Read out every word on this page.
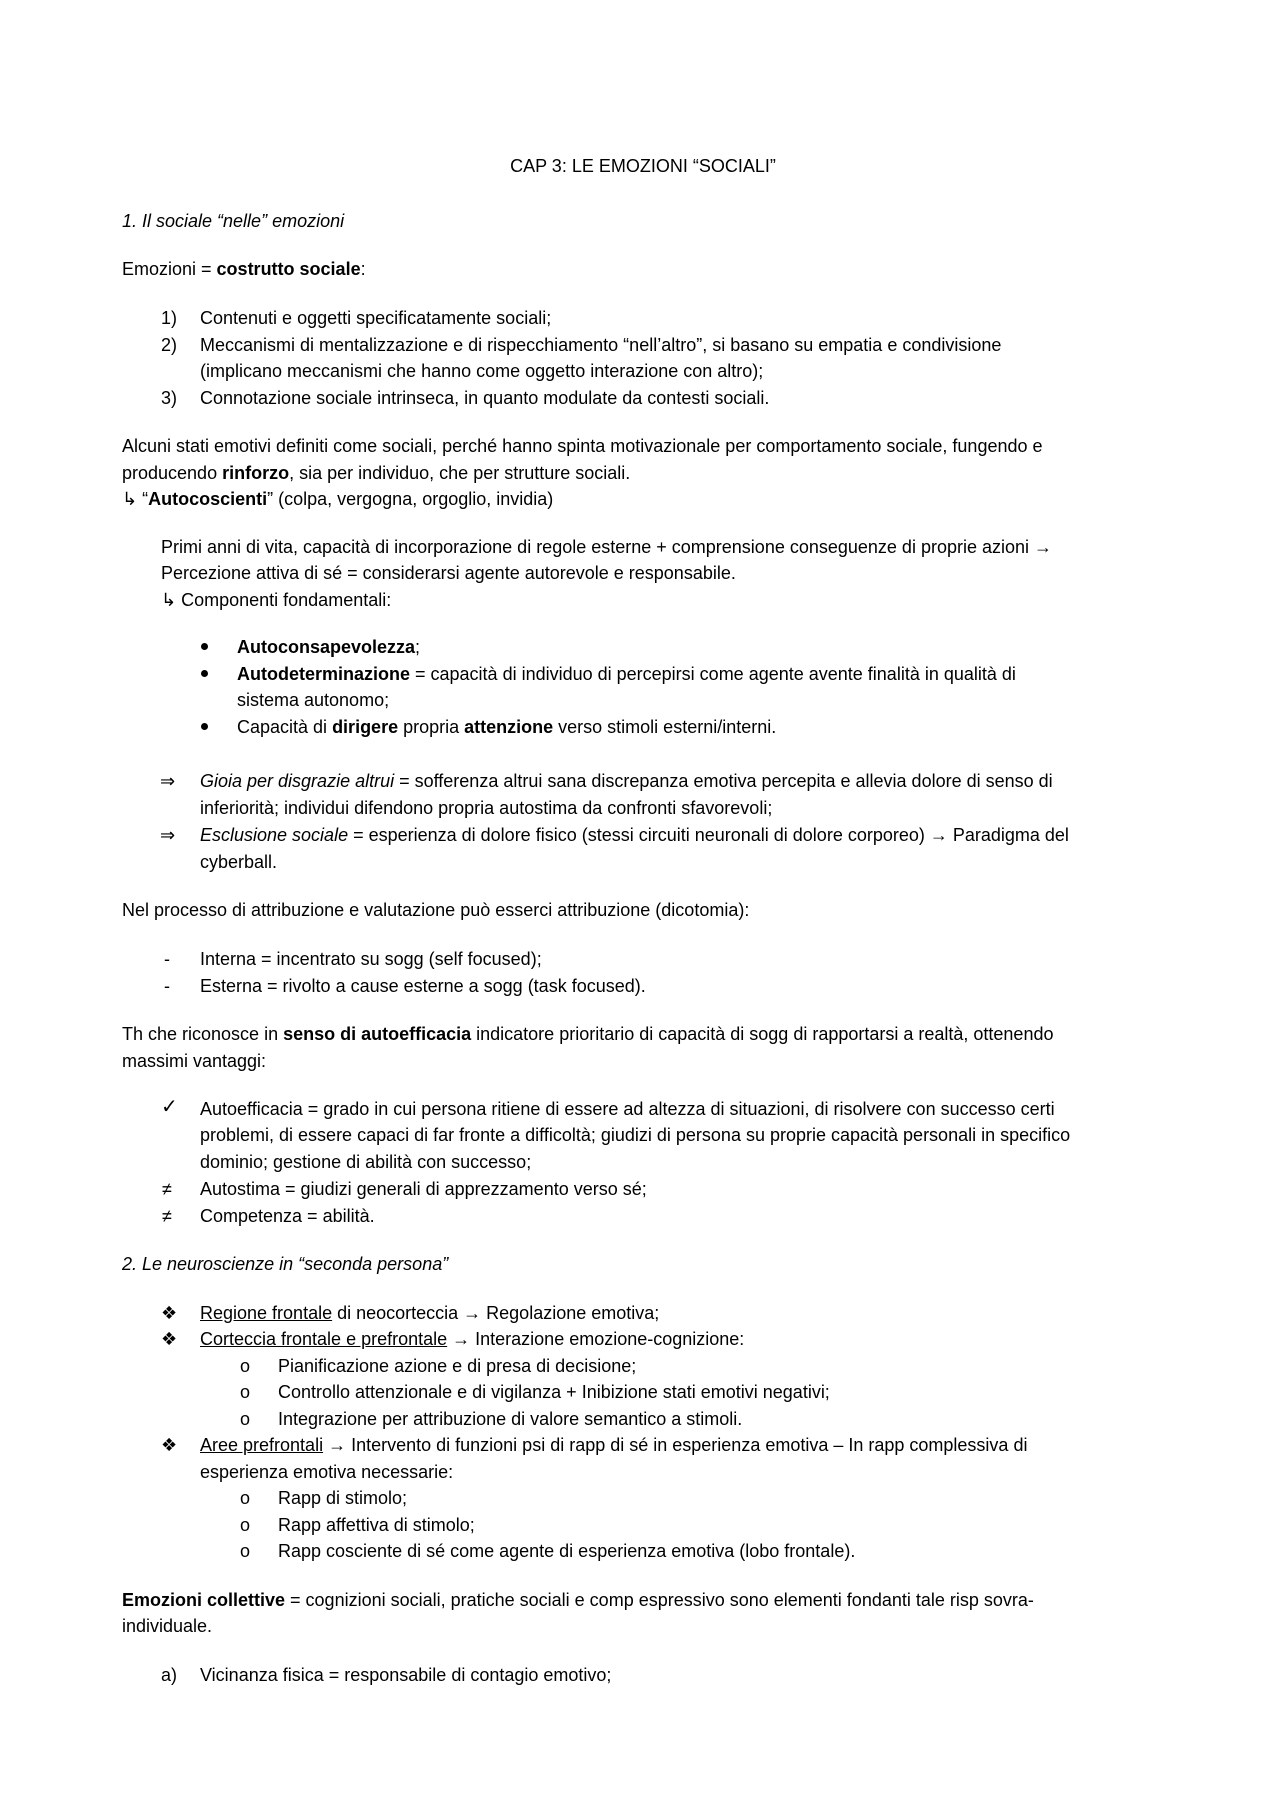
CAP 3: LE EMOZIONI “SOCIALI”
1. Il sociale “nelle” emozioni
Emozioni = costrutto sociale:
1) Contenuti e oggetti specificatamente sociali;
2) Meccanismi di mentalizzazione e di rispecchiamento “nell’altro”, si basano su empatia e condivisione
(implicano meccanismi che hanno come oggetto interazione con altro);
3) Connotazione sociale intrinseca, in quanto modulate da contesti sociali.
Alcuni stati emotivi definiti come sociali, perché hanno spinta motivazionale per comportamento sociale, fungendo e
producendo rinforzo, sia per individuo, che per strutture sociali.
↳ “Autocoscienti” (colpa, vergogna, orgoglio, invidia)
Primi anni di vita, capacità di incorporazione di regole esterne + comprensione conseguenze di proprie azioni →
Percezione attiva di sé = considerarsi agente autorevole e responsabile.
↳ Componenti fondamentali:
Autoconsapevolezza;
Autodeterminazione = capacità di individuo di percepirsi come agente avente finalità in qualità di
sistema autonomo;
Capacità di dirigere propria attenzione verso stimoli esterni/interni.
⇒ Gioia per disgrazie altrui = sofferenza altrui sana discrepanza emotiva percepita e allevia dolore di senso di
inferiorità; individui difendono propria autostima da confronti sfavorevoli;
⇒ Esclusione sociale = esperienza di dolore fisico (stessi circuiti neuronali di dolore corporeo) → Paradigma del
cyberball.
Nel processo di attribuzione e valutazione può esserci attribuzione (dicotomia):
- Interna = incentrato su sogg (self focused);
- Esterna = rivolto a cause esterne a sogg (task focused).
Th che riconosce in senso di autoefficacia indicatore prioritario di capacità di sogg di rapportarsi a realtà, ottenendo
massimi vantaggi:
✓ Autoefficacia = grado in cui persona ritiene di essere ad altezza di situazioni, di risolvere con successo certi
problemi, di essere capaci di far fronte a difficoltà; giudizi di persona su proprie capacità personali in specifico
dominio; gestione di abilità con successo;
≠ Autostima = giudizi generali di apprezzamento verso sé;
≠ Competenza = abilità.
2. Le neuroscienze in “seconda persona”
❖ Regione frontale di neocorteccia → Regolazione emotiva;
❖ Corteccia frontale e prefrontale → Interazione emozione-cognizione:
o Pianificazione azione e di presa di decisione;
o Controllo attenzionale e di vigilanza + Inibizione stati emotivi negativi;
o Integrazione per attribuzione di valore semantico a stimoli.
❖ Aree prefrontali → Intervento di funzioni psi di rapp di sé in esperienza emotiva – In rapp complessiva di
esperienza emotiva necessarie:
o Rapp di stimolo;
o Rapp affettiva di stimolo;
o Rapp cosciente di sé come agente di esperienza emotiva (lobo frontale).
Emozioni collettive = cognizioni sociali, pratiche sociali e comp espressivo sono elementi fondanti tale risp sovra-
individuale.
a) Vicinanza fisica = responsabile di contagio emotivo;
